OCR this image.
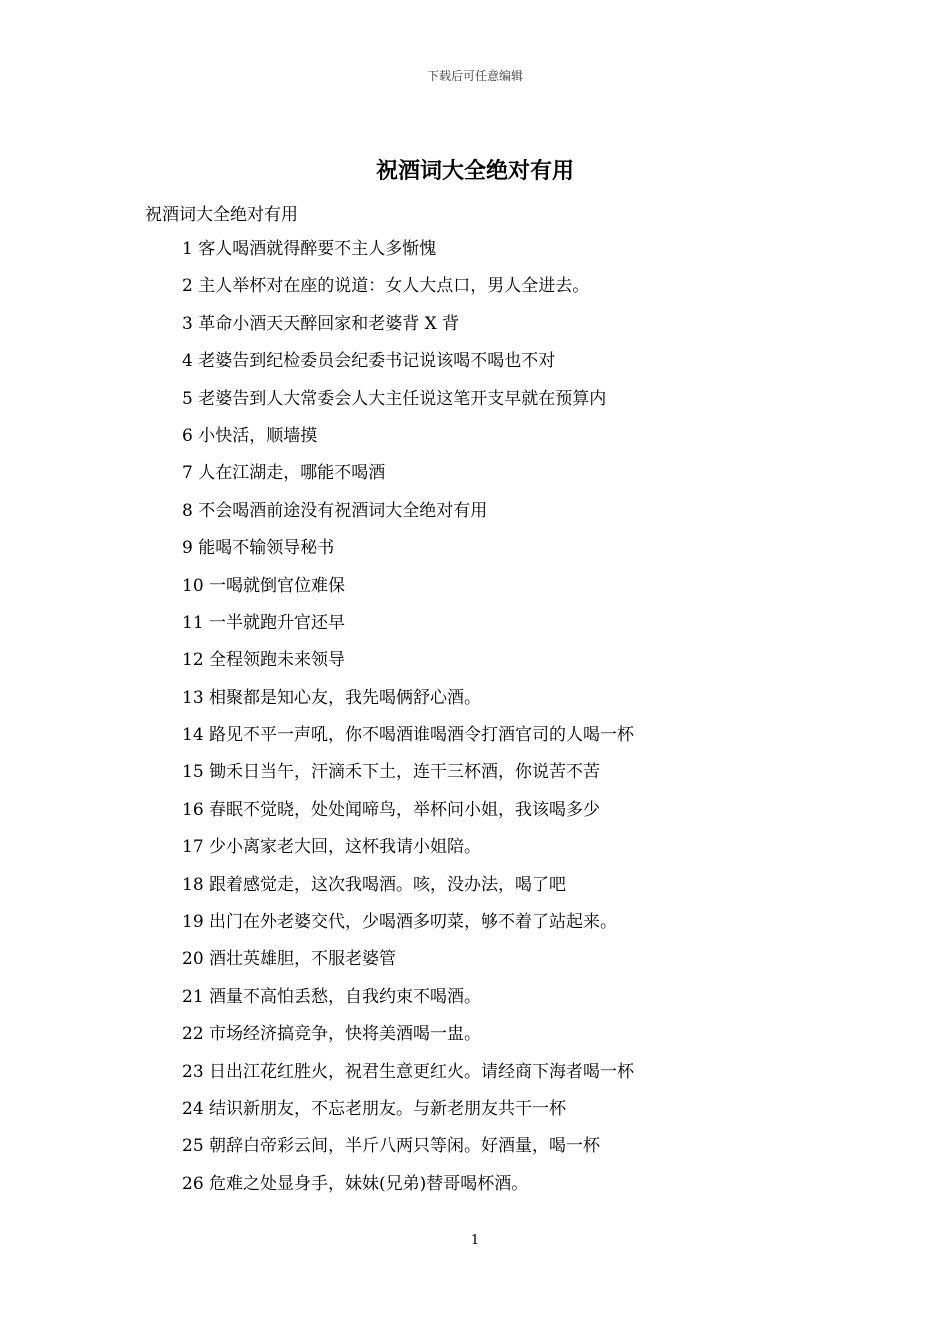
下载后可任意编辑
祝酒词大全绝对有用

祝酒词大全绝对有用

1 客人喝酒就得醉要不主人多惭愧
2 主人举杯对在座的说道：女人大点口，男人全进去。
3 革命小酒天天醉回家和老婆背 X 背
4 老婆告到纪检委员会纪委书记说该喝不喝也不对
5 老婆告到人大常委会人大主任说这笔开支早就在预算内
6 小快活，顺墙摸
7 人在江湖走，哪能不喝酒
8 不会喝酒前途没有祝酒词大全绝对有用
9 能喝不输领导秘书
10 一喝就倒官位难保
11 一半就跑升官还早
12 全程领跑未来领导
13 相聚都是知心友，我先喝俩舒心酒。
14 路见不平一声吼，你不喝酒谁喝酒令打酒官司的人喝一杯
15 锄禾日当午，汗滴禾下土，连干三杯酒，你说苦不苦
16 春眠不觉晓，处处闻啼鸟，举杯问小姐，我该喝多少
17 少小离家老大回，这杯我请小姐陪。
18 跟着感觉走，这次我喝酒。咳，没办法，喝了吧
19 出门在外老婆交代，少喝酒多叨菜，够不着了站起来。
20 酒壮英雄胆，不服老婆管
21 酒量不高怕丢愁，自我约束不喝酒。
22 市场经济搞竞争，快将美酒喝一盅。
23 日出江花红胜火，祝君生意更红火。请经商下海者喝一杯
24 结识新朋友，不忘老朋友。与新老朋友共干一杯
25 朝辞白帝彩云间，半斤八两只等闲。好酒量，喝一杯
26 危难之处显身手，妹妹(兄弟)替哥喝杯酒。
1
